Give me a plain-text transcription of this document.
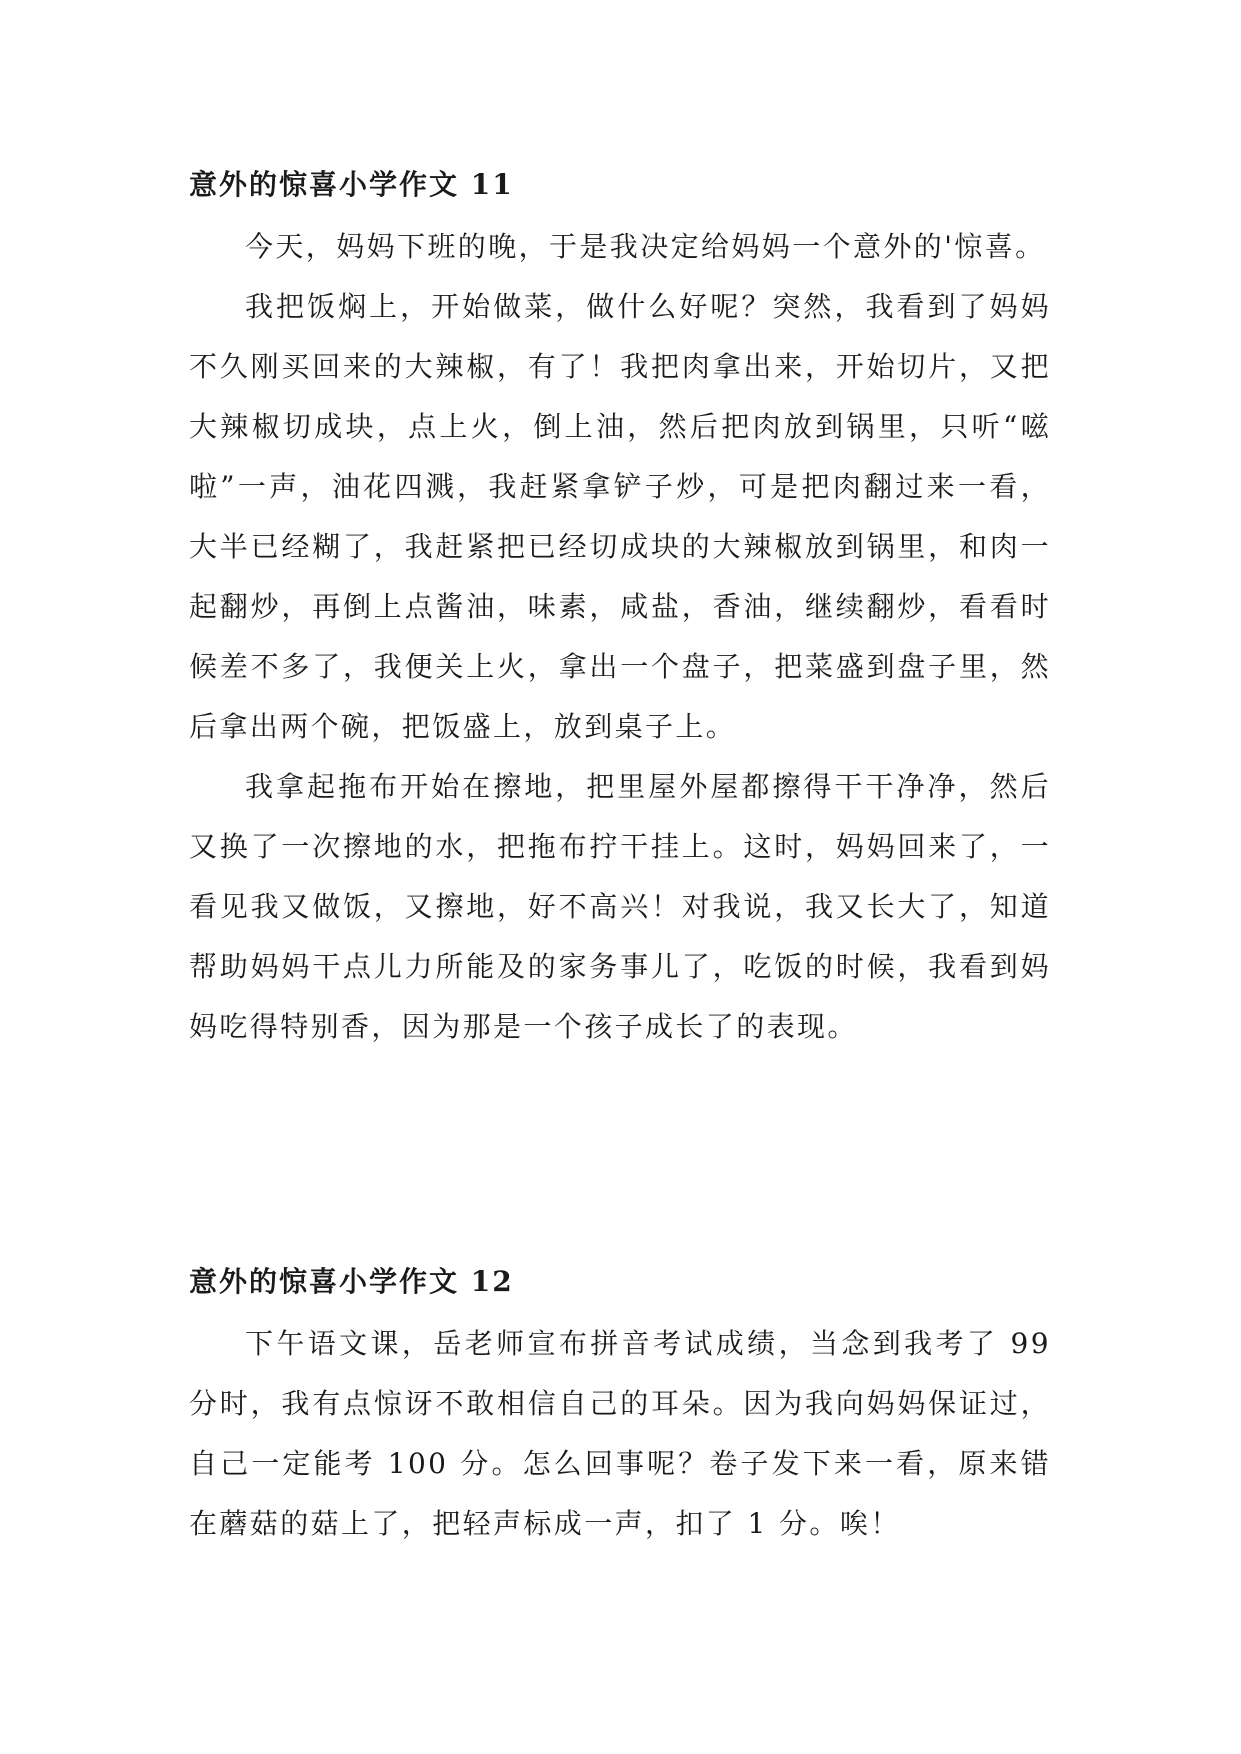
意外的惊喜小学作文 11

今天，妈妈下班的晚，于是我决定给妈妈一个意外的'惊喜。

我把饭焖上，开始做菜，做什么好呢？突然，我看到了妈妈不久刚买回来的大辣椒，有了！我把肉拿出来，开始切片，又把大辣椒切成块，点上火，倒上油，然后把肉放到锅里，只听“嗞啦”一声，油花四溅，我赶紧拿铲子炒，可是把肉翻过来一看，大半已经糊了，我赶紧把已经切成块的大辣椒放到锅里，和肉一起翻炒，再倒上点酱油，味素，咸盐，香油，继续翻炒，看看时候差不多了，我便关上火，拿出一个盘子，把菜盛到盘子里，然后拿出两个碗，把饭盛上，放到桌子上。

我拿起拖布开始在擦地，把里屋外屋都擦得干干净净，然后又换了一次擦地的水，把拖布拧干挂上。这时，妈妈回来了，一看见我又做饭，又擦地，好不高兴！对我说，我又长大了，知道帮助妈妈干点儿力所能及的家务事儿了，吃饭的时候，我看到妈妈吃得特别香，因为那是一个孩子成长了的表现。

意外的惊喜小学作文 12

下午语文课，岳老师宣布拼音考试成绩，当念到我考了 99 分时，我有点惊讶不敢相信自己的耳朵。因为我向妈妈保证过，自己一定能考 100 分。怎么回事呢？卷子发下来一看，原来错在蘑菇的菇上了，把轻声标成一声，扣了 1 分。唉！
